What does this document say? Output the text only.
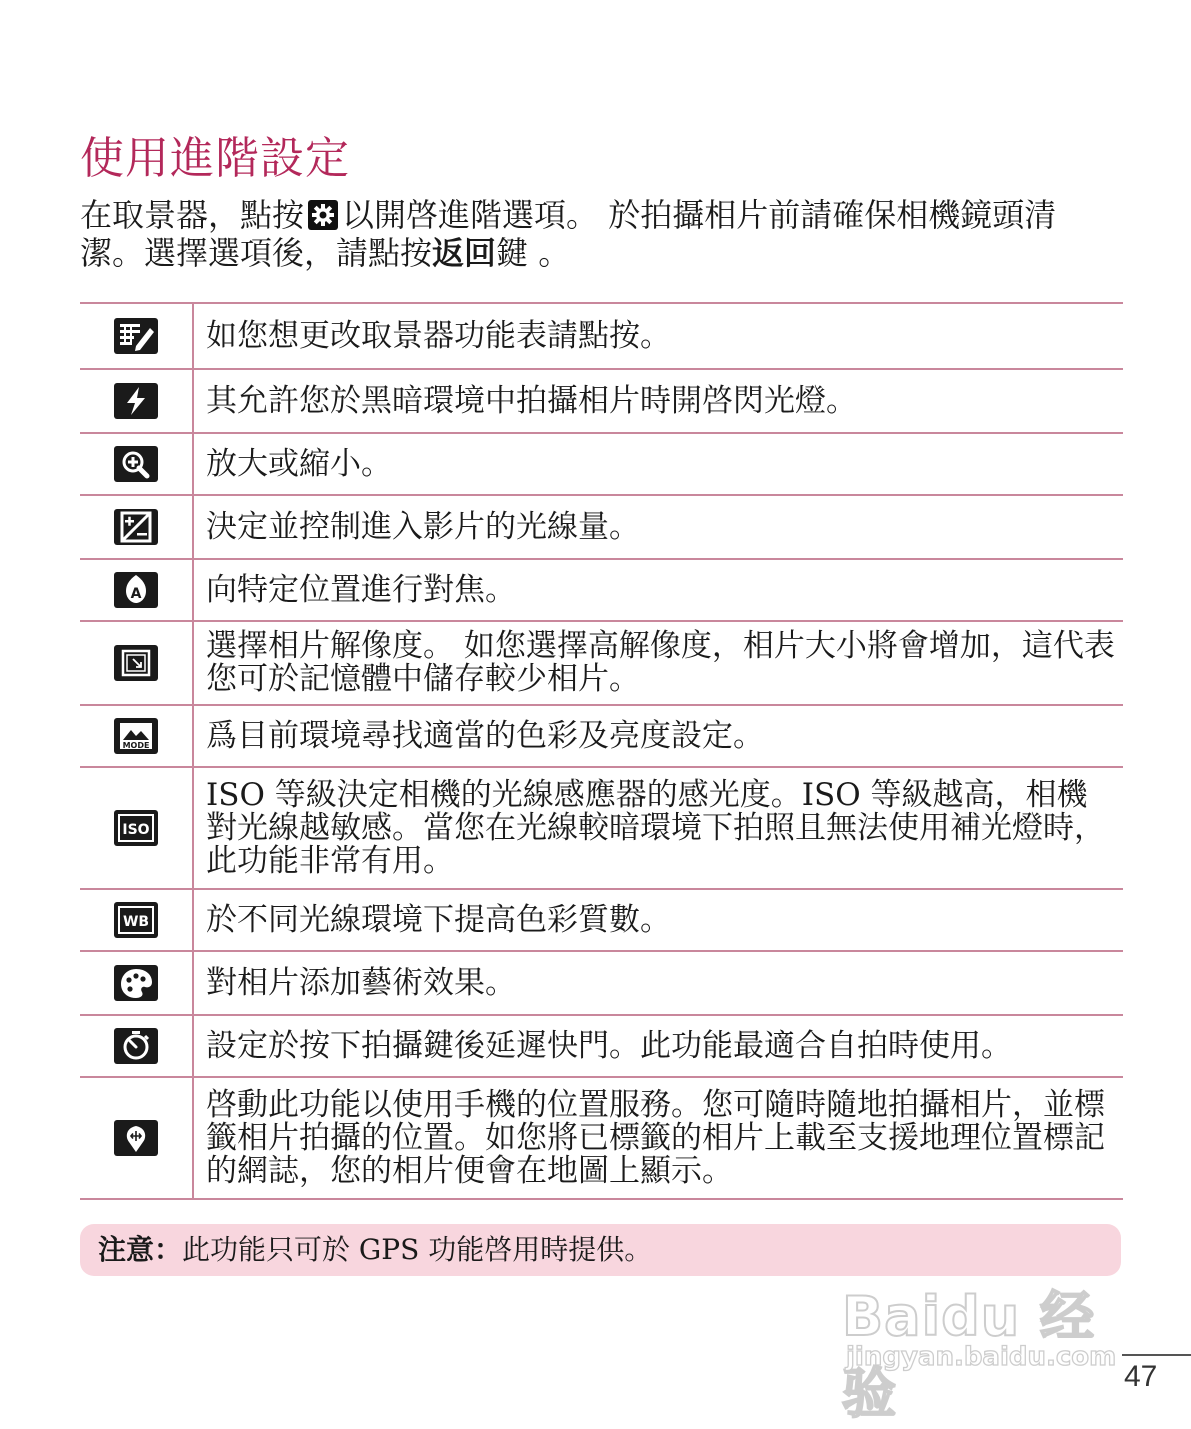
使用進階設定
在取景器，點按 以開啓進階選項。 於拍攝相片前請確保相機鏡頭清潔。選擇選項後，請點按返回鍵 。
	如您想更改取景器功能表請點按。

	其允許您於黑暗環境中拍攝相片時開啓閃光燈。

	放大或縮小。

	決定並控制進入影片的光線量。

A	向特定位置進行對焦。

	選擇相片解像度。 如您選擇高解像度，相片大小將會增加，這代表您可於記憶體中儲存較少相片。

MODE	爲目前環境尋找適當的色彩及亮度設定。

ISO	ISO 等級決定相機的光線感應器的感光度。ISO 等級越高，相機對光線越敏感。當您在光線較暗環境下拍照且無法使用補光燈時，此功能非常有用。

WB	於不同光線環境下提高色彩質數。

	對相片添加藝術效果。

	設定於按下拍攝鍵後延遲快門。此功能最適合自拍時使用。

	啓動此功能以使用手機的位置服務。您可隨時隨地拍攝相片，並標籤相片拍攝的位置。如您將已標籤的相片上載至支援地理位置標記的網誌，您的相片便會在地圖上顯示。
注意：此功能只可於 GPS 功能啓用時提供。
Baidu 经验
jingyan.baidu.com
47
